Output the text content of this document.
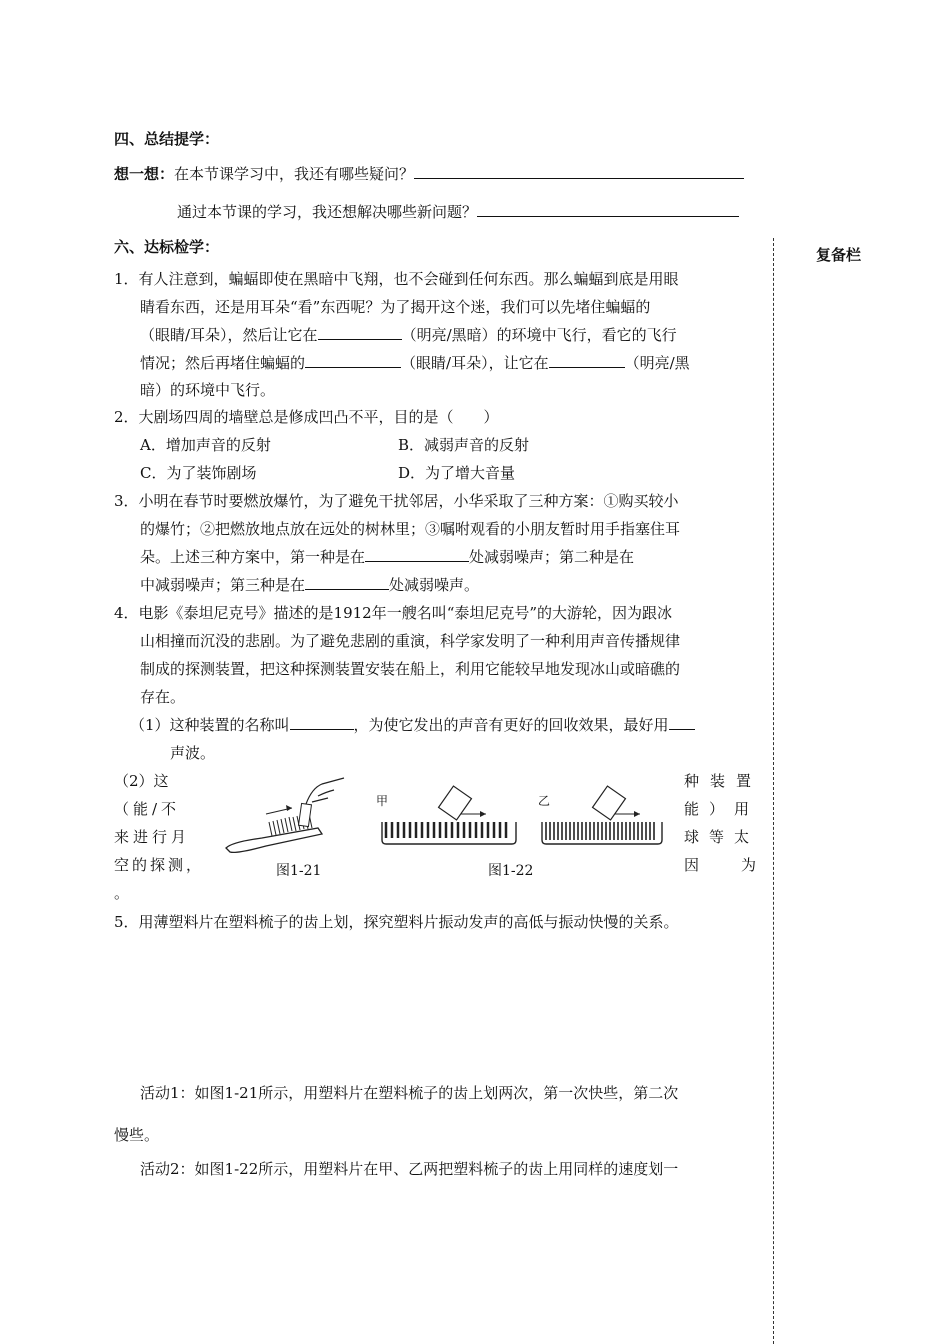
四、总结提学：
想一想：在本节课学习中，我还有哪些疑问？
通过本节课的学习，我还想解决哪些新问题？
六、达标检学：	复备栏
1．有人注意到，蝙蝠即使在黑暗中飞翔，也不会碰到任何东西。那么蝙蝠到底是用眼
睛看东西，还是用耳朵“看”东西呢？为了揭开这个迷，我们可以先堵住蝙蝠的
（眼睛/耳朵），然后让它在	（明亮/黑暗）的环境中飞行，看它的飞行
情况；然后再堵住蝙蝠的	（眼睛/耳朵），让它在	（明亮/黑
暗）的环境中飞行。
2．大剧场四周的墙壁总是修成凹凸不平，目的是（　　）
A．增加声音的反射	B．减弱声音的反射
C．为了装饰剧场	D．为了增大音量
3．小明在春节时要燃放爆竹，为了避免干扰邻居，小华采取了三种方案：①购买较小
的爆竹；②把燃放地点放在远处的树林里；③嘱咐观看的小朋友暂时用手指塞住耳
朵。上述三种方案中，第一种是在	处减弱噪声；第二种是在
中减弱噪声；第三种是在	处减弱噪声。
4．电影《泰坦尼克号》描述的是1912年一艘名叫“泰坦尼克号”的大游轮，因为跟冰
山相撞而沉没的悲剧。为了避免悲剧的重演，科学家发明了一种利用声音传播规律
制成的探测装置，把这种探测装置安装在船上，利用它能较早地发现冰山或暗礁的
存在。
（1）这种装置的名称叫	，为使它发出的声音有更好的回收效果，最好用
声波。
（2）这
（能/不
来进行月
空的探测，
。
种装置
能）用
球等太
因为
图1-21
甲	乙
图1-22
5．用薄塑料片在塑料梳子的齿上划，探究塑料片振动发声的高低与振动快慢的关系。
活动1：如图1-21所示，用塑料片在塑料梳子的齿上划两次，第一次快些，第二次
慢些。
活动2：如图1-22所示，用塑料片在甲、乙两把塑料梳子的齿上用同样的速度划一
